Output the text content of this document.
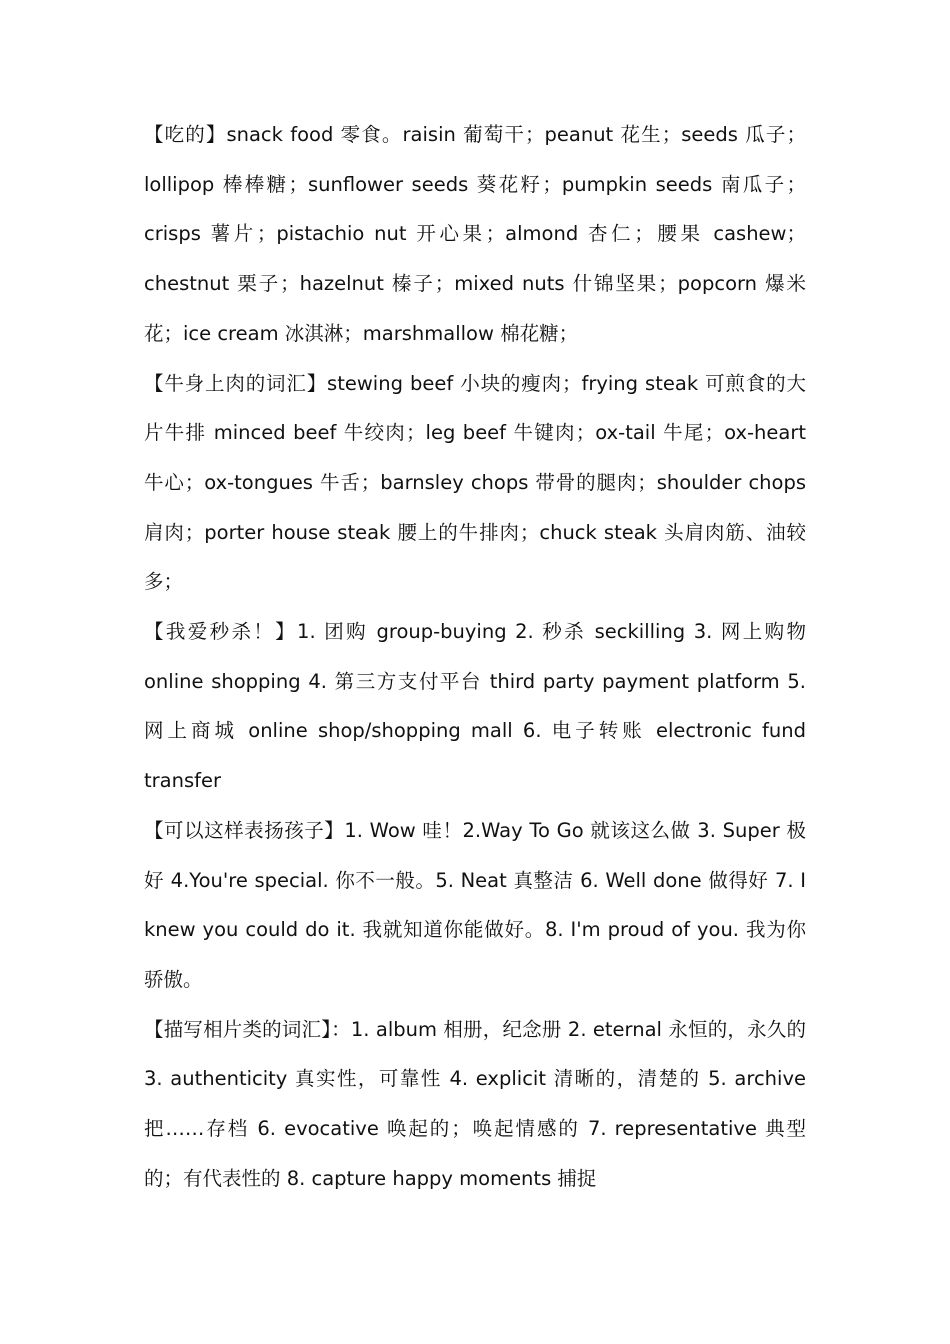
【吃的】snack food 零食。raisin 葡萄干；peanut 花生；seeds 瓜子；lollipop 棒棒糖；sunflower seeds 葵花籽；pumpkin seeds 南瓜子；crisps 薯片；pistachio nut 开心果；almond 杏仁；腰果 cashew；chestnut 栗子；hazelnut 榛子；mixed nuts 什锦坚果；popcorn 爆米花；ice cream 冰淇淋；marshmallow 棉花糖；

【牛身上肉的词汇】stewing beef 小块的瘦肉；frying steak 可煎食的大片牛排 minced beef 牛绞肉；leg beef 牛键肉；ox-tail 牛尾；ox-heart 牛心；ox-tongues 牛舌；barnsley chops 带骨的腿肉；shoulder chops 肩肉；porter house steak 腰上的牛排肉；chuck steak 头肩肉筋、油较多；

【我爱秒杀！】1. 团购 group-buying 2. 秒杀 seckilling 3. 网上购物 online shopping 4. 第三方支付平台 third party payment platform 5. 网上商城 online shop/shopping mall 6. 电子转账 electronic fund transfer

【可以这样表扬孩子】1. Wow 哇！2.Way To Go 就该这么做 3. Super 极好 4.You're special. 你不一般。5. Neat 真整洁 6. Well done 做得好 7. I knew you could do it. 我就知道你能做好。8. I'm proud of you. 我为你骄傲。

【描写相片类的词汇】：1. album 相册，纪念册 2. eternal 永恒的，永久的 3. authenticity 真实性，可靠性 4. explicit 清晰的，清楚的 5. archive 把……存档 6. evocative 唤起的；唤起情感的 7. representative 典型的；有代表性的 8. capture happy moments 捕捉
